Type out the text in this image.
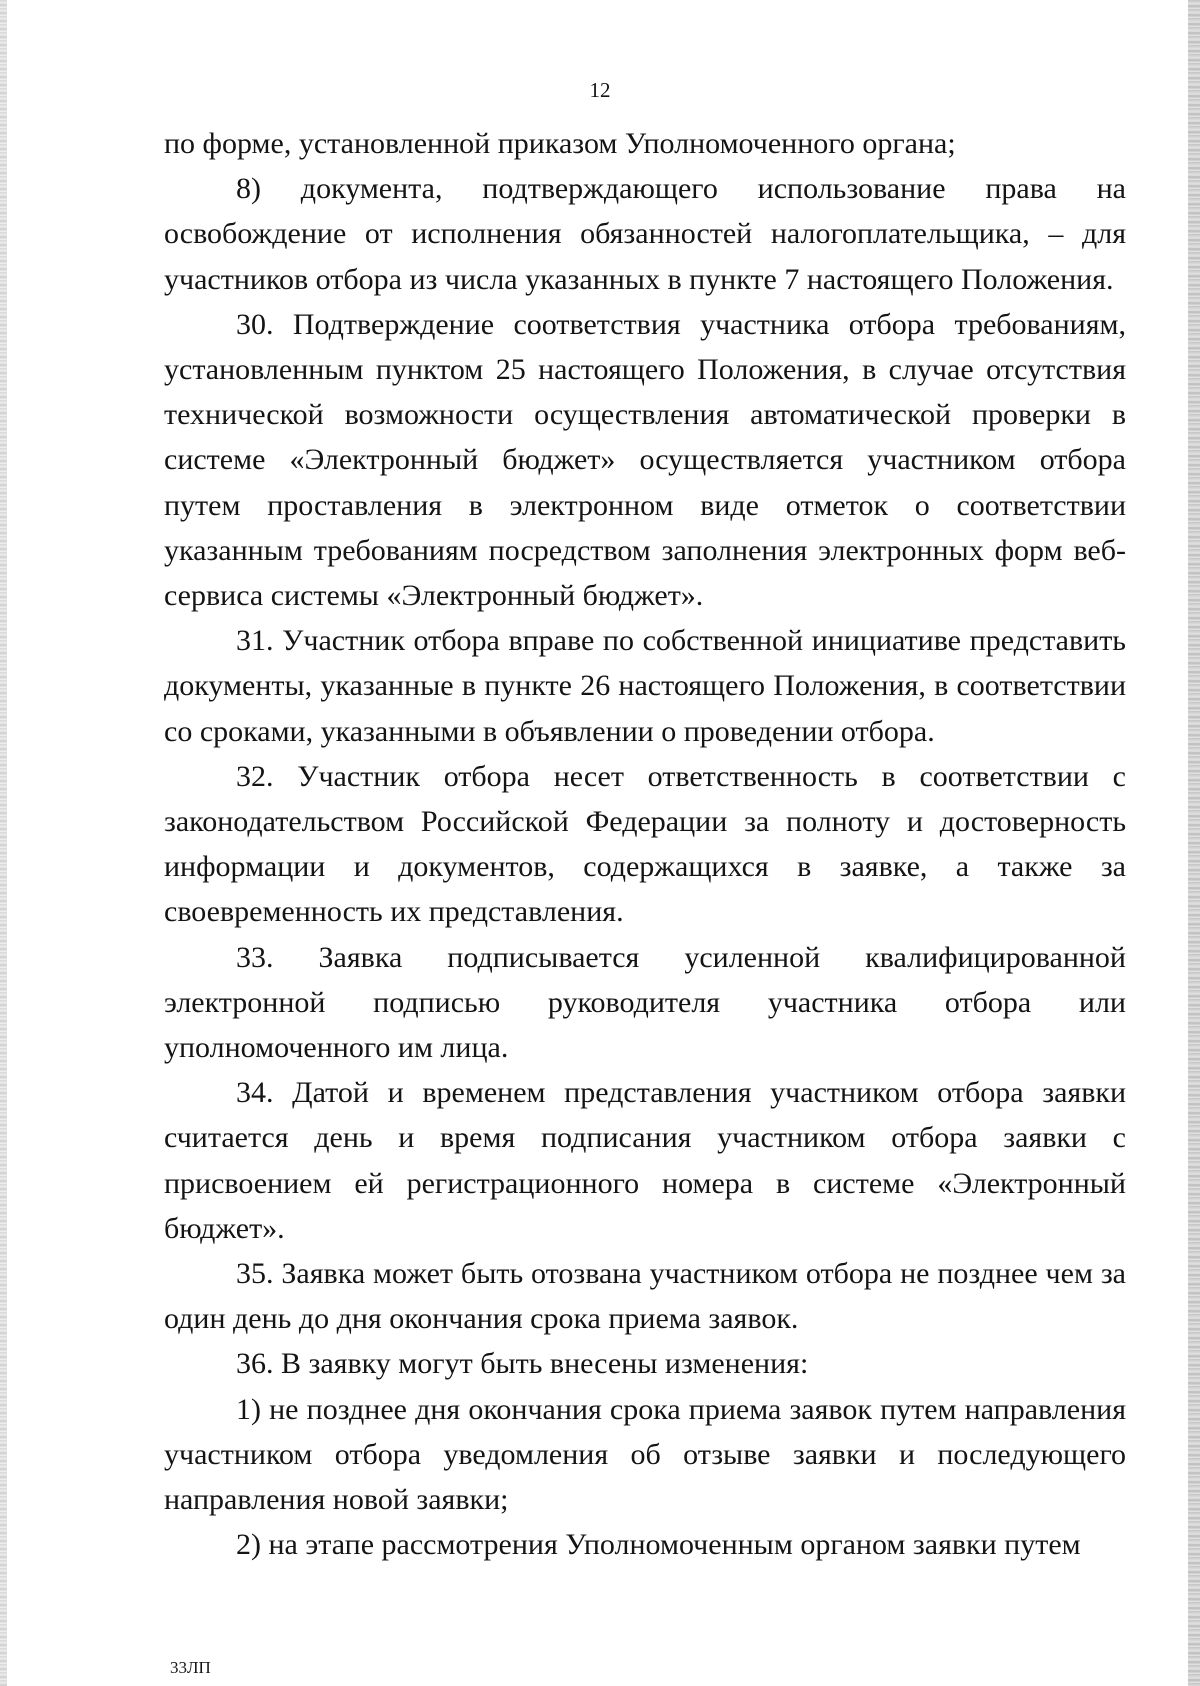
12

по форме, установленной приказом Уполномоченного органа;

8) документа, подтверждающего использование права на освобождение от исполнения обязанностей налогоплательщика, – для участников отбора из числа указанных в пункте 7 настоящего Положения.

30. Подтверждение соответствия участника отбора требованиям, установленным пунктом 25 настоящего Положения, в случае отсутствия технической возможности осуществления автоматической проверки в системе «Электронный бюджет» осуществляется участником отбора путем проставления в электронном виде отметок о соответствии указанным требованиям посредством заполнения электронных форм веб-сервиса системы «Электронный бюджет».

31. Участник отбора вправе по собственной инициативе представить документы, указанные в пункте 26 настоящего Положения, в соответствии со сроками, указанными в объявлении о проведении отбора.

32. Участник отбора несет ответственность в соответствии с законодательством Российской Федерации за полноту и достоверность информации и документов, содержащихся в заявке, а также за своевременность их представления.

33. Заявка подписывается усиленной квалифицированной электронной подписью руководителя участника отбора или уполномоченного им лица.

34. Датой и временем представления участником отбора заявки считается день и время подписания участником отбора заявки с присвоением ей регистрационного номера в системе «Электронный бюджет».

35. Заявка может быть отозвана участником отбора не позднее чем за один день до дня окончания срока приема заявок.

36. В заявку могут быть внесены изменения:

1) не позднее дня окончания срока приема заявок путем направления участником отбора уведомления об отзыве заявки и последующего направления новой заявки;

2) на этапе рассмотрения Уполномоченным органом заявки путем

33ЛП
